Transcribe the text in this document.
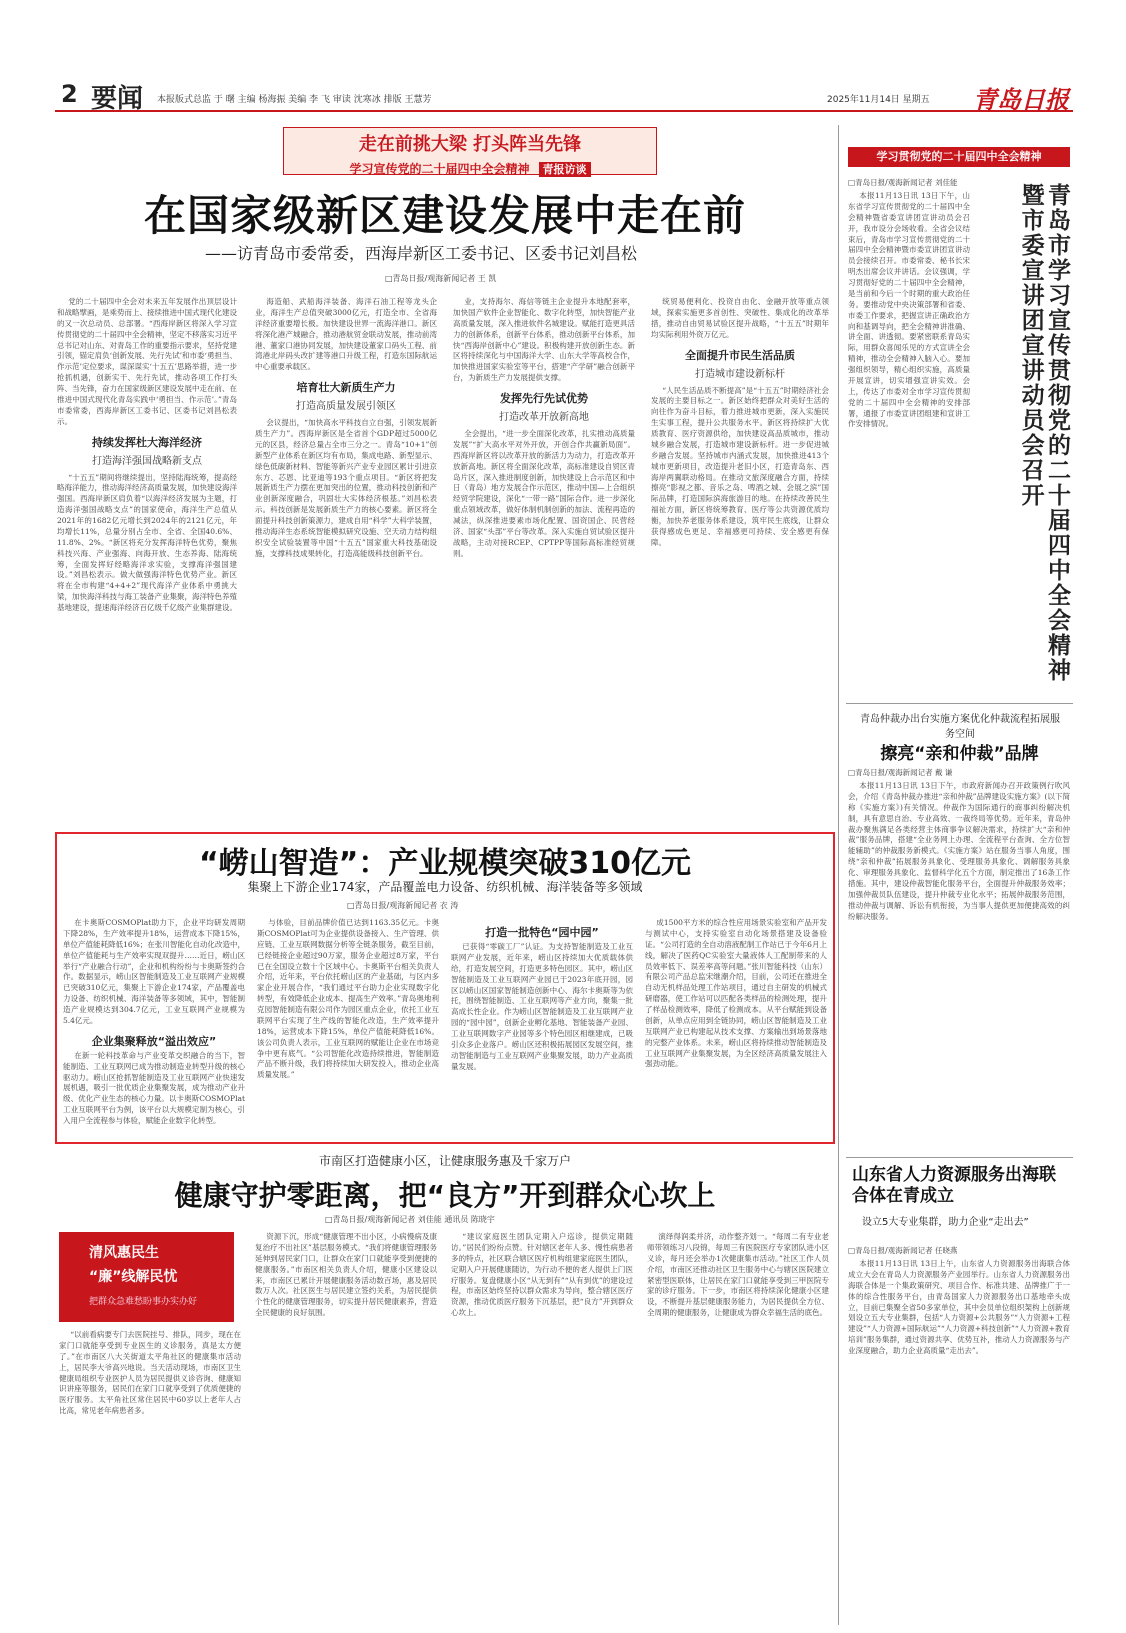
2 要闻 本报版式总监 于 曙 主编 杨海振 美编 李 飞 审读 沈寒冰 排版 王慧芳	2025年11月14日 星期五 青岛日报
走在前挑大梁 打头阵当先锋
学习宣传党的二十届四中全会精神 青报访谈
在国家级新区建设发展中走在前
——访青岛市委常委，西海岸新区工委书记、区委书记刘昌松
□青岛日报/观海新闻记者 王 凯

党的二十届四中全会对未来五年发展作出顶层设计和战略擘画，是乘势而上、接续推进中国式现代化建设的又一次总动员、总部署。“西海岸新区将深入学习宣传贯彻党的二十届四中全会精神，坚定不移落实习近平总书记对山东、对青岛工作的重要指示要求，坚持党建引领，锚定肩负‘创新发展、先行先试’和市委‘勇担当、作示范’定位要求，谋深谋实‘十五五’思路举措，进一步抢抓机遇，创新实干、先行先试，推动各项工作打头阵、当先锋，奋力在国家级新区建设发展中走在前、在推进中国式现代化青岛实践中‘勇担当、作示范’。”青岛市委常委，西海岸新区工委书记、区委书记刘昌松表示。

持续发挥杜大海洋经济
打造海洋强国战略新支点

“十五五”期间将继续提出，坚持陆海统筹，提高经略海洋能力，推动海洋经济高质量发展，加快建设海洋强国。西海岸新区肩负着“以海洋经济发展为主题，打造海洋强国战略支点”的国家使命，海洋生产总值从2021年的1682亿元增长到2024年的2121亿元，年均增长11%，总量分别占全市、全省、全国40.6%、11.8%、2%。“新区将充分发挥海洋特色优势，聚焦科技兴海、产业强海、向海开放、生态养海、陆海统筹，全面发挥好经略海洋求实验，支撑海洋强国建设。”刘昌松表示。做大做强海洋特色优势产业。新区将在全市构建“4+4+2”现代海洋产业体系中勇挑大梁，加快海洋科技与海工装备产业集聚，海洋特色养殖基地建设，提速海洋经济百亿级千亿级产业集群建设。

海造船、武船海洋装备、海洋石油工程等龙头企业，海洋生产总值突破3000亿元，打造全市、全省海洋经济重要增长极。加快建设世界一流海洋港口。新区将深化港产城融合，推动港航贸金联动发展，推动前湾港、董家口港协同发展，加快建设董家口码头工程、前湾港北岸码头改扩建等港口升级工程，打造东国际航运中心重要承载区。

培育壮大新质生产力
打造高质量发展引领区

会议提出，“加快高水平科技自立自强，引领发展新质生产力”。西海岸新区是全省首个GDP超过5000亿元的区县，经济总量占全市三分之一。青岛“10+1”创新型产业体系在新区均有布局，集成电路、新型显示、绿色低碳新材料、智能等新兴产业专业园区累计引进京东方、芯恩、比亚迪等193个重点项目。“新区将把发展新质生产力摆在更加突出的位置，推动科技创新和产业创新深度融合，巩固壮大实体经济根基。”刘昌松表示。科技创新是发展新质生产力的核心要素。新区将全面提升科技创新策源力，建成自用“科学”大科学装置，推动海洋生态系统智能模拟研究设施、空天动力结构组织安全试验装置等中国“十五五”国家重大科技基础设施，支撑科技成果转化，打造高能级科技创新平台。

业，支持海尔、海信等链主企业提升本地配套率，加快国产软件企业智能化、数字化转型，加快智能产业高质量发展，深入推进软件名城建设。赋能打造更具活力的创新体系，创新平台体系，推动创新平台体系，加快“西海岸创新中心”建设。积极构建开放创新生态。新区将持续深化与中国海洋大学、山东大学等高校合作，加快推进国家实验室等平台，搭建“产学研”融合创新平台，为新质生产力发展提供支撑。

发挥先行先试优势
打造改革开放新高地

全会提出，“进一步全面深化改革，扎实推动高质量发展”“扩大高水平对外开放，开创合作共赢新局面”。西海岸新区将以改革开放的新活力为动力，打造改革开放新高地。新区将全面深化改革，高标准建设自贸区青岛片区，深入推进制度创新，加快建设上合示范区和中日（青岛）地方发展合作示范区，推动中国—上合组织经贸学院建设，深化“一带一路”国际合作。进一步深化重点领域改革，做好体制机制创新的加法、流程再造的减法，纵深推进要素市场化配置、国资国企、民营经济、国家“头部”平台等改革。深入实施自贸试验区提升战略，主动对接RCEP、CPTPP等国际高标准经贸规则。

统贸易便利化、投资自由化、金融开放等重点领域，探索实施更多首创性、突破性、集成化的改革举措，推动自由贸易试验区提升战略，“十五五”时期年均实际利用外资万亿元。

全面提升市民生活品质
打造城市建设新标杆

“人民生活品质不断提高”是“十五五”时期经济社会发展的主要目标之一。新区始终把群众对美好生活的向往作为奋斗目标，着力推进城市更新，深入实施民生实事工程，提升公共服务水平。新区将持续扩大优质教育、医疗资源供给，加快建设高品质城市，推动城乡融合发展，打造城市建设新标杆。进一步促进城乡融合发展。坚持城市内涵式发展，加快推进413个城市更新项目，改造提升老旧小区，打造青岛东、西海岸两翼联动格局。在推动文旅深度融合方面，持续擦亮“影视之都、音乐之岛、啤酒之城、会展之滨”国际品牌，打造国际滨海旅游目的地。在持续改善民生福祉方面，新区将统筹教育、医疗等公共资源优质均衡，加快养老服务体系建设，筑牢民生底线，让群众获得感成色更足、幸福感更可持续、安全感更有保障。

学习贯彻党的二十届四中全会精神
青岛市学习宣传贯彻党的二十届四中全会精神暨市委宣讲团宣讲动员会召开
□青岛日报/观海新闻记者 刘佳能

本报11月13日讯 13日下午，山东省学习宣传贯彻党的二十届四中全会精神暨省委宣讲团宣讲动员会召开，我市设分会场收看。全省会议结束后，青岛市学习宣传贯彻党的二十届四中全会精神暨市委宣讲团宣讲动员会接续召开。市委常委、秘书长宋明杰出席会议并讲话。会议强调，学习贯彻好党的二十届四中全会精神，是当前和今后一个时期的重大政治任务。要推动党中央决策部署和省委、市委工作要求，把握宣讲正确政治方向和基调导向，把全会精神讲准确、讲全面、讲透彻。要紧密联系青岛实际，用群众喜闻乐见的方式宣讲全会精神，推动全会精神入脑入心。要加强组织领导，精心组织实施，高质量开展宣讲，切实增强宣讲实效。会上，传达了市委对全市学习宣传贯彻党的二十届四中全会精神的安排部署，通报了市委宣讲团组建和宣讲工作安排情况。

青岛仲裁办出台实施方案优化仲裁流程拓展服务空间
擦亮“亲和仲裁”品牌
□青岛日报/观海新闻记者 戴 谦

本报11月13日讯 13日下午，市政府新闻办召开政策例行吹风会，介绍《青岛仲裁办推进“亲和仲裁”品牌建设实施方案》(以下简称《实施方案》)有关情况。仲裁作为国际通行的商事纠纷解决机制，具有意思自治、专业高效、一裁终局等优势。近年来，青岛仲裁办聚焦满足各类经营主体商事争议解决需求，持续扩大“亲和仲裁”服务品牌，搭建“全业务网上办理、全流程平台查询、全方位智能辅助”的仲裁服务新模式。《实施方案》站在服务当事人角度，围绕“亲和仲裁”拓展服务具象化、受理服务具象化、调解服务具象化、审理服务具象化、监督科学化五个方面，制定推出了16条工作措施。其中，建设仲裁智能化服务平台，全面提升仲裁服务效率；加强仲裁员队伍建设，提升仲裁专业化水平；拓展仲裁服务范围，推动仲裁与调解、诉讼有机衔接，为当事人提供更加便捷高效的纠纷解决服务。

山东省人力资源服务出海联合体在青成立
设立5大专业集群，助力企业“走出去”
□青岛日报/观海新闻记者 任晓燕

本报11月13日讯 13日上午，山东省人力资源服务出海联合体成立大会在青岛人力资源服务产业园举行。山东省人力资源服务出海联合体是一个集政策研究、项目合作、标准共建、品牌推广于一体的综合性服务平台，由青岛国家人力资源服务出口基地牵头成立，目前已集聚全省50多家单位，其中会员单位组织架构上创新规划设立五大专业集群，包括“人力资源+公共服务”“人力资源+工程建设”“人力资源+国际航运”“人力资源+科技创新”“人力资源+教育培训”服务集群，通过资源共享、优势互补，推动人力资源服务与产业深度融合，助力企业高质量“走出去”。

“崂山智造”：产业规模突破310亿元
集聚上下游企业174家，产品覆盖电力设备、纺织机械、海洋装备等多领域
□青岛日报/观海新闻记者 衣 涛

在卡奥斯COSMOPlat助力下，企业平均研发周期下降28%，生产效率提升18%，运营成本下降15%，单位产值能耗降低16%；在张川智能化自动化改造中，单位产值能耗与生产效率实现双提升……近日，崂山区举行“产业融合行动”，企业和机构纷纷与卡奥斯签约合作。数据显示，崂山区智能制造及工业互联网产业规模已突破310亿元，集聚上下游企业174家，产品覆盖电力设备、纺织机械、海洋装备等多领域，其中，智能制造产业规模达到304.7亿元，工业互联网产业规模为5.4亿元。

企业集聚释放“溢出效应”

在新一轮科技革命与产业变革交织融合的当下，智能制造、工业互联网已成为推动制造业转型升级的核心驱动力。崂山区抢抓智能制造及工业互联网产业快速发展机遇，吸引一批优质企业集聚发展，成为推动产业升级、优化产业生态的核心力量。以卡奥斯COSMOPlat工业互联网平台为例，该平台以大规模定制为核心，引入用户全流程参与体验，赋能企业数字化转型。

与体验，目前品牌价值已达到1163.35亿元。卡奥斯COSMOPlat可为企业提供设备接入、生产管理、供应链、工业互联网数据分析等全链条服务，截至目前，已经链接企业超过90万家，服务企业超过8万家，平台已在全国设立数十个区域中心。卡奥斯平台相关负责人介绍，近年来，平台依托崂山区的产业基础，与区内多家企业开展合作，“我们通过平台助力企业实现数字化转型，有效降低企业成本、提高生产效率。”青岛奥地利克园智能制造有限公司作为园区重点企业，依托工业互联网平台实现了生产线的智能化改造，生产效率提升18%，运营成本下降15%，单位产值能耗降低16%。该公司负责人表示，工业互联网的赋能让企业在市场竞争中更有底气。“公司智能化改造持续推进，智能制造产品不断升级，我们将持续加大研发投入，推动企业高质量发展。”

打造一批特色“园中园”

已获得“零碳工厂”认证。为支持智能制造及工业互联网产业发展，近年来，崂山区持续加大优质载体供给，打造发展空间，打造更多特色园区。其中，崂山区智能制造及工业互联网产业园已于2023年底开园，园区以崂山区国家智能制造创新中心、海尔卡奥斯等为依托，围绕智能制造、工业互联网等产业方向，聚集一批高成长性企业。作为崂山区智能制造及工业互联网产业园的“园中园”，创新企业孵化基地、智能装备产业园、工业互联网数字产业园等多个特色园区相继建成，已吸引众多企业落户。崂山区还积极拓展园区发展空间，推动智能制造与工业互联网产业集聚发展，助力产业高质量发展。

成1500平方米的综合性应用场景实验室和产品开发与测试中心，支持实验室自动化场景搭建及设备验证。“公司打造的全自动溶液配制工作站已于今年6月上线，解决了医药QC实验室大量液体人工配制带来的人员效率低下、误差率高等问题。”张川智能科技（山东）有限公司产品总监宋继潮介绍，目前，公司还在推进全自动无机样品处理工作站项目，通过自主研发的机械式研磨器，使工作站可以匹配各类样品的检测处理，提升了样品检测效率，降低了检测成本。从平台赋能到设备创新，从单点应用到全链协同，崂山区智能制造及工业互联网产业已构建起从技术支撑、方案输出到场景落地的完整产业体系。未来，崂山区将持续推动智能制造及工业互联网产业集聚发展，为全区经济高质量发展注入强劲动能。

市南区打造健康小区，让健康服务惠及千家万户
健康守护零距离，把“良方”开到群众心坎上
□青岛日报/观海新闻记者 刘佳能 通讯员 陈晓宇
清风惠民生
“廉”线解民忧
把群众急难愁盼事办实办好

“以前看病要专门去医院挂号、排队，同步，现在在家门口就能享受到专业医生的义诊服务，真是太方便了。”在市南区八大关街道太平角社区的健康集市活动上，居民李大爷高兴地说。当天活动现场，市南区卫生健康局组织专业医护人员为居民提供义诊咨询、健康知识讲座等服务，居民们在家门口就享受到了优质便捷的医疗服务。太平角社区常住居民中60岁以上老年人占比高，常见老年病患者多。

资源下沉，形成“健康管理不出小区，小病慢病及康复治疗不出社区”基层服务模式。“我们将健康管理服务延伸到居民家门口，让群众在家门口就能享受到便捷的健康服务。”市南区相关负责人介绍，健康小区建设以来，市南区已累计开展健康服务活动数百场，惠及居民数万人次。社区医生与居民建立签约关系，为居民提供个性化的健康管理服务，切实提升居民健康素养，营造全民健康的良好氛围。

“建议家庭医生团队定期入户巡诊，提供定期随访。”居民们纷纷点赞。针对辖区老年人多、慢性病患者多的特点，社区联合辖区医疗机构组建家庭医生团队，定期入户开展健康随访，为行动不便的老人提供上门医疗服务。复盘健康小区“从无到有”“从有到优”的建设过程，市南区始终坚持以群众需求为导向，整合辖区医疗资源，推动优质医疗服务下沉基层，把“良方”开到群众心坎上。

演绎得润柔并济，动作整齐划一。“每周二有专业老师带领练习八段锦，每周三有医院医疗专家团队进小区义诊，每月还会举办1次健康集市活动。”社区工作人员介绍，市南区还推动社区卫生服务中心与辖区医院建立紧密型医联体，让居民在家门口就能享受到三甲医院专家的诊疗服务。下一步，市南区将持续深化健康小区建设，不断提升基层健康服务能力，为居民提供全方位、全周期的健康服务，让健康成为群众幸福生活的底色。
